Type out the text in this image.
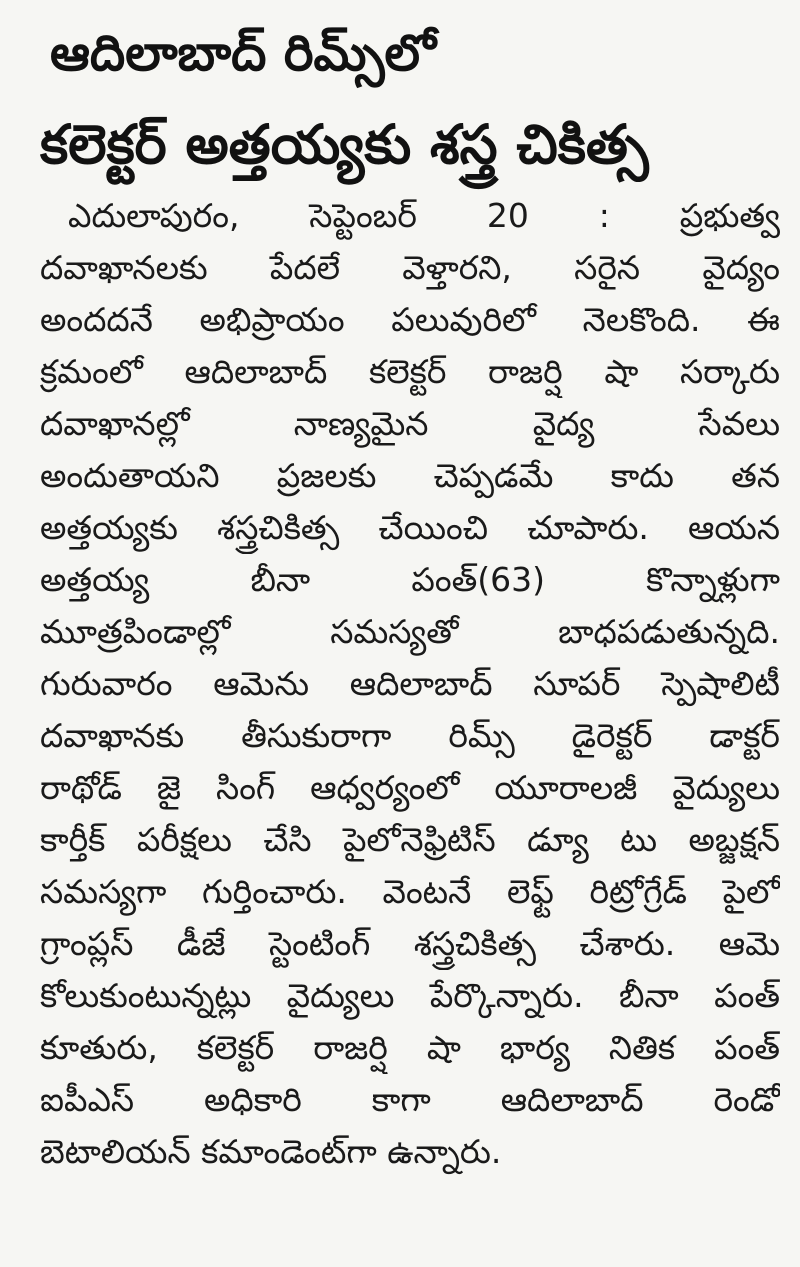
ఆదిలాబాద్ రిమ్స్‌లో
కలెక్టర్ అత్తయ్యకు శస్త్ర చికిత్స
ఎదులాపురం, సెప్టెంబర్ 20 : ప్రభుత్వ
దవాఖానలకు పేదలే వెళ్తారని, సరైన వైద్యం
అందదనే అభిప్రాయం పలువురిలో నెలకొంది. ఈ
క్రమంలో ఆదిలాబాద్ కలెక్టర్ రాజర్షి షా సర్కారు
దవాఖానల్లో నాణ్యమైన వైద్య సేవలు
అందుతాయని ప్రజలకు చెప్పడమే కాదు తన
అత్తయ్యకు శస్త్రచికిత్స చేయించి చూపారు. ఆయన
అత్తయ్య బీనా పంత్(63) కొన్నాళ్లుగా
మూత్రపిండాల్లో సమస్యతో బాధపడుతున్నది.
గురువారం ఆమెను ఆదిలాబాద్ సూపర్ స్పెషాలిటీ
దవాఖానకు తీసుకురాగా రిమ్స్ డైరెక్టర్ డాక్టర్
రాథోడ్ జై సింగ్ ఆధ్వర్యంలో యూరాలజీ వైద్యులు
కార్తీక్ పరీక్షలు చేసి పైలోనెఫ్రిటిస్ డ్యూ టు అబ్జక్షన్
సమస్యగా గుర్తించారు. వెంటనే లెఫ్ట్ రిట్రోగ్రేడ్ పైలో
గ్రాంప్లస్ డీజే స్టెంటింగ్ శస్త్రచికిత్స చేశారు. ఆమె
కోలుకుంటున్నట్లు వైద్యులు పేర్కొన్నారు. బీనా పంత్
కూతురు, కలెక్టర్ రాజర్షి షా భార్య నితిక పంత్
ఐపీఎస్ అధికారి కాగా ఆదిలాబాద్ రెండో
బెటాలియన్ కమాండెంట్‌గా ఉన్నారు.
